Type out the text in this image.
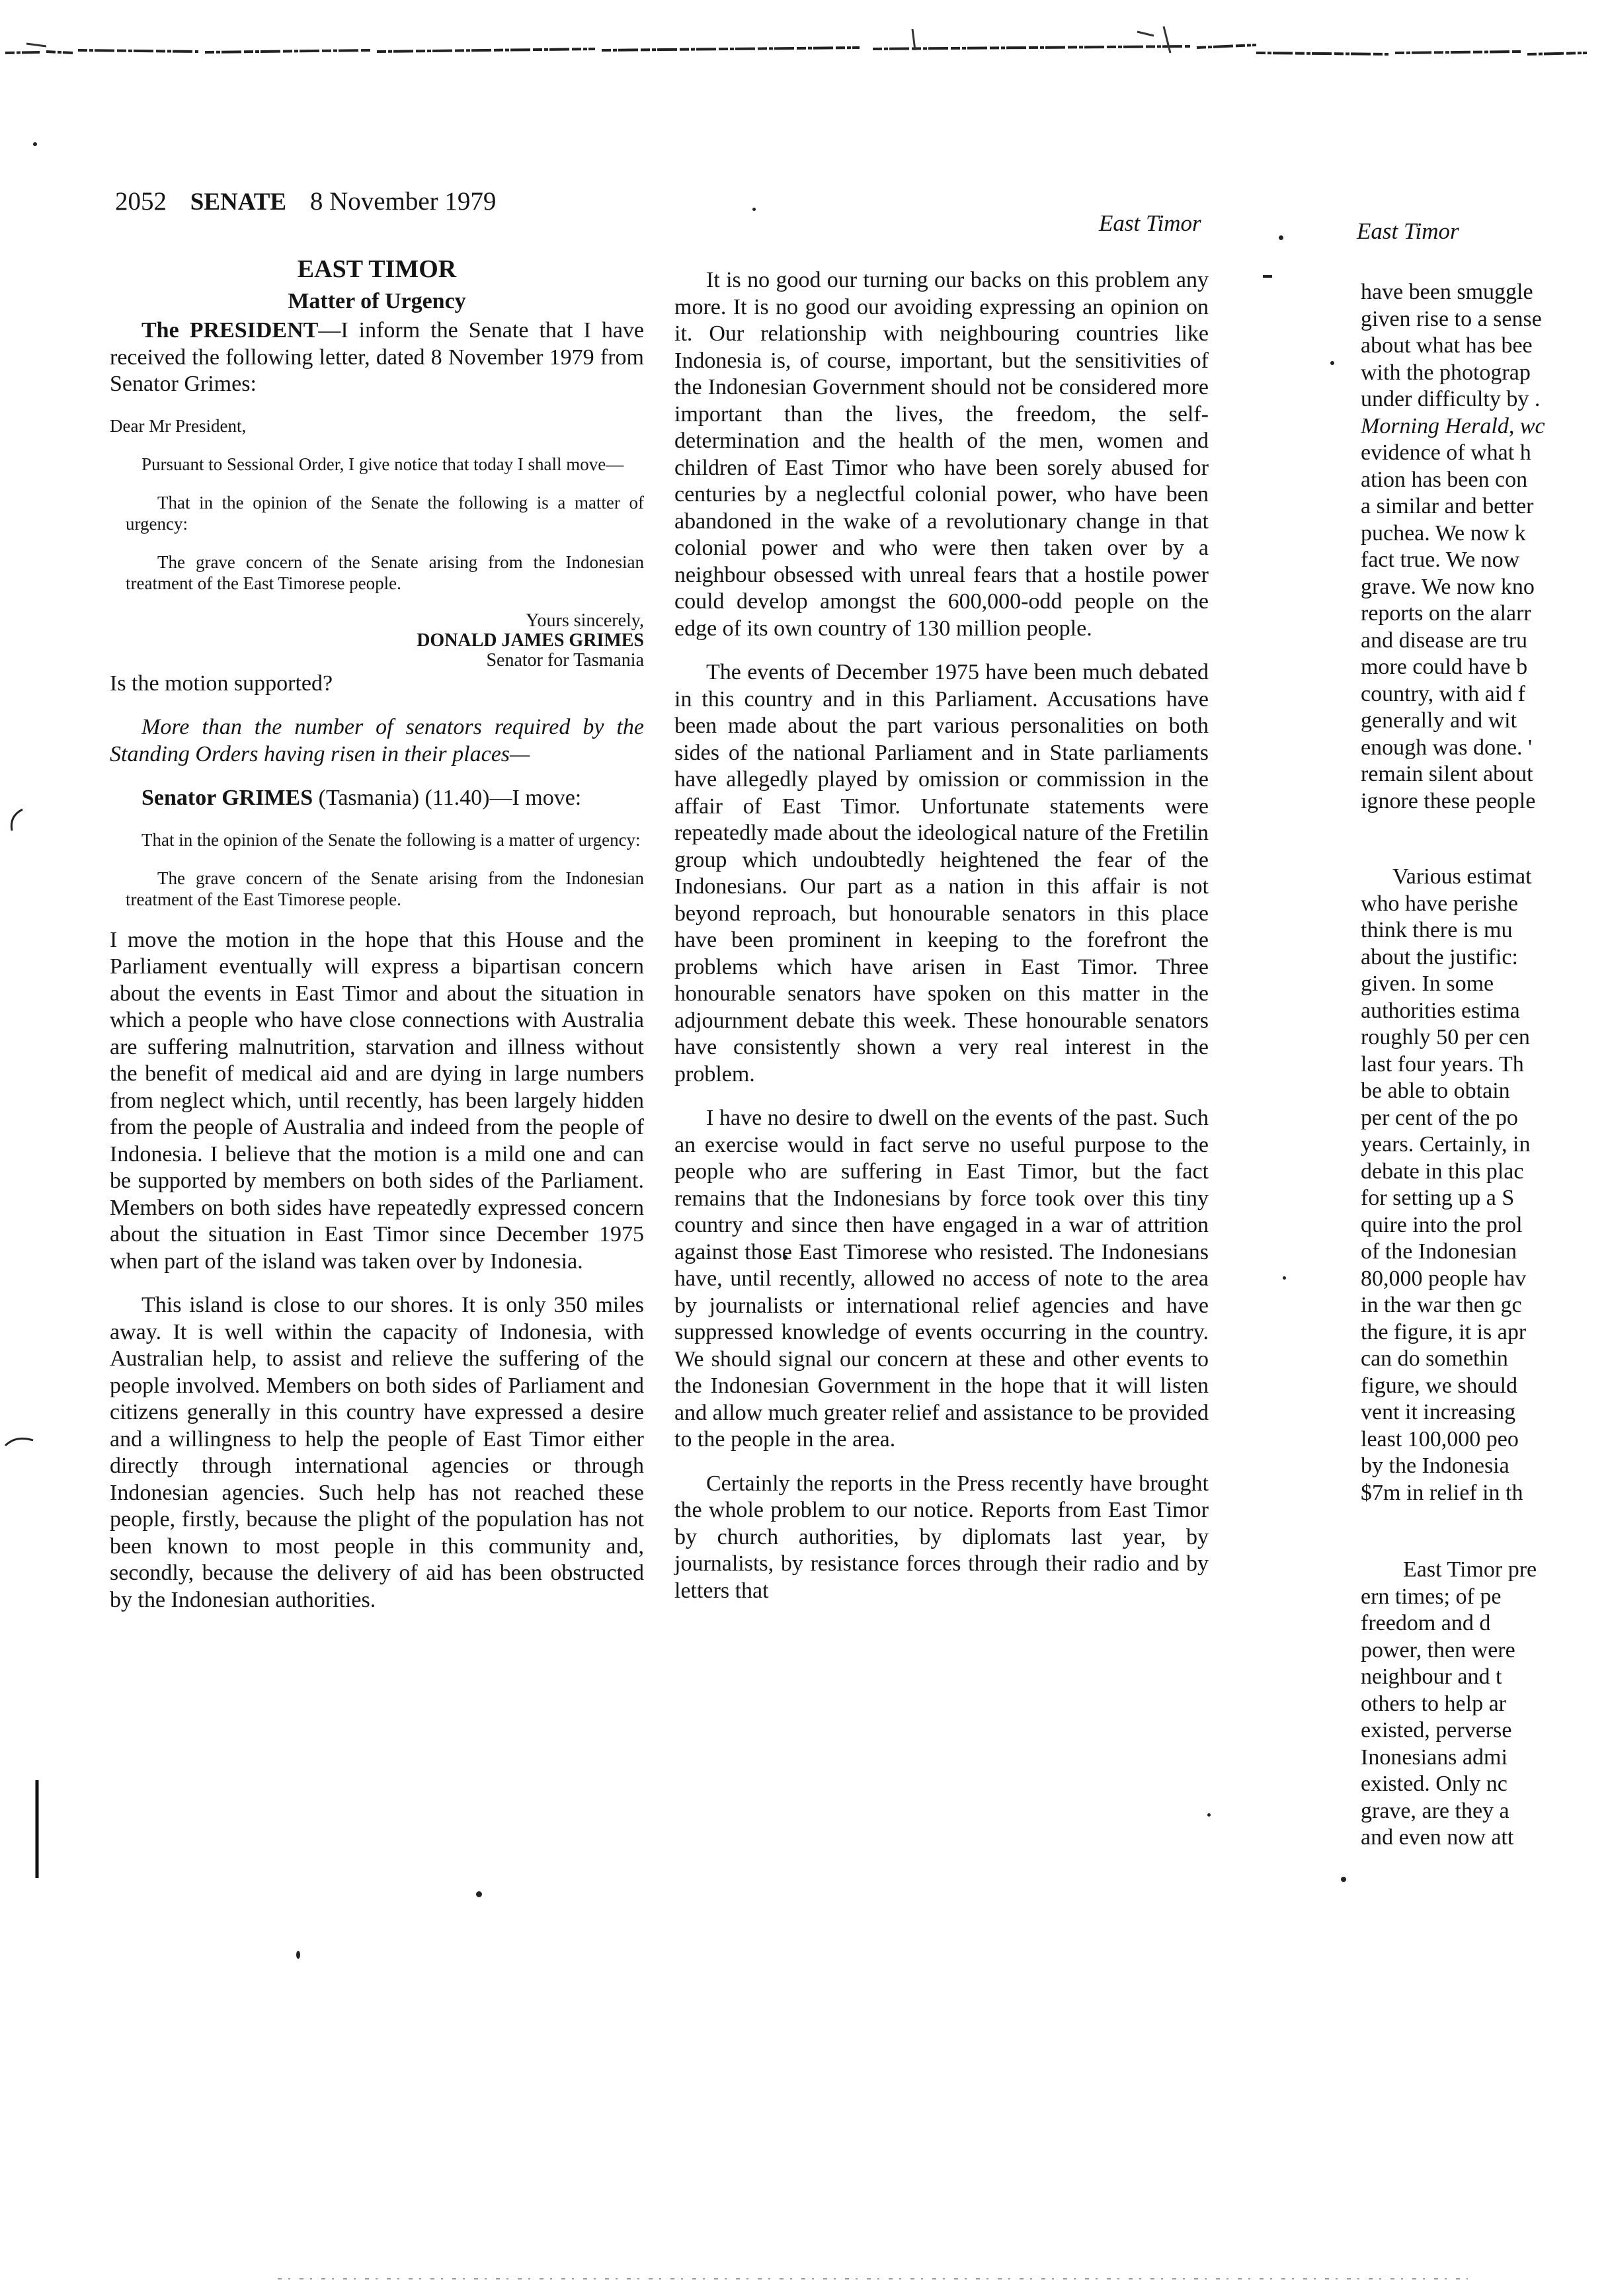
2052 SENATE 8 November 1979
East Timor	East Timor

EAST TIMOR

Matter of Urgency

The PRESIDENT—I inform the Senate that I have received the following letter, dated 8 November 1979 from Senator Grimes:

Dear Mr President,

Pursuant to Sessional Order, I give notice that today I shall move—

That in the opinion of the Senate the following is a matter of urgency:

The grave concern of the Senate arising from the Indonesian treatment of the East Timorese people.

Yours sincerely,

DONALD JAMES GRIMES

Senator for Tasmania

Is the motion supported?

More than the number of senators required by the Standing Orders having risen in their places—

Senator GRIMES (Tasmania) (11.40)—I move:

That in the opinion of the Senate the following is a matter of urgency:

The grave concern of the Senate arising from the Indonesian treatment of the East Timorese people.

I move the motion in the hope that this House and the Parliament eventually will express a bipartisan concern about the events in East Timor and about the situation in which a people who have close connections with Australia are suffering malnutrition, starvation and illness without the benefit of medical aid and are dying in large numbers from neglect which, until recently, has been largely hidden from the people of Australia and indeed from the people of Indonesia. I believe that the motion is a mild one and can be supported by members on both sides of the Parliament. Members on both sides have repeatedly expressed concern about the situation in East Timor since December 1975 when part of the island was taken over by Indonesia.

This island is close to our shores. It is only 350 miles away. It is well within the capacity of Indonesia, with Australian help, to assist and relieve the suffering of the people involved. Members on both sides of Parliament and citizens generally in this country have expressed a desire and a willingness to help the people of East Timor either directly through international agencies or through Indonesian agencies. Such help has not reached these people, firstly, because the plight of the population has not been known to most people in this community and, secondly, because the delivery of aid has been obstructed by the Indonesian authorities.

It is no good our turning our backs on this problem any more. It is no good our avoiding expressing an opinion on it. Our relationship with neighbouring countries like Indonesia is, of course, important, but the sensitivities of the Indonesian Government should not be considered more important than the lives, the freedom, the self-determination and the health of the men, women and children of East Timor who have been sorely abused for centuries by a neglectful colonial power, who have been abandoned in the wake of a revolutionary change in that colonial power and who were then taken over by a neighbour obsessed with unreal fears that a hostile power could develop amongst the 600,000-odd people on the edge of its own country of 130 million people.

The events of December 1975 have been much debated in this country and in this Parliament. Accusations have been made about the part various personalities on both sides of the national Parliament and in State parliaments have allegedly played by omission or commission in the affair of East Timor. Unfortunate statements were repeatedly made about the ideological nature of the Fretilin group which undoubtedly heightened the fear of the Indonesians. Our part as a nation in this affair is not beyond reproach, but honourable senators in this place have been prominent in keeping to the forefront the problems which have arisen in East Timor. Three honourable senators have spoken on this matter in the adjournment debate this week. These honourable senators have consistently shown a very real interest in the problem.

I have no desire to dwell on the events of the past. Such an exercise would in fact serve no useful purpose to the people who are suffering in East Timor, but the fact remains that the Indonesians by force took over this tiny country and since then have engaged in a war of attrition against those East Timorese who resisted. The Indonesians have, until recently, allowed no access of note to the area by journalists or international relief agencies and have suppressed knowledge of events occurring in the country. We should signal our concern at these and other events to the Indonesian Government in the hope that it will listen and allow much greater relief and assistance to be provided to the people in the area.

Certainly the reports in the Press recently have brought the whole problem to our notice. Reports from East Timor by church authorities, by diplomats last year, by journalists, by resistance forces through their radio and by letters that

have been smuggle
given rise to a sense
about what has bee
with the photograp
under difficulty by .
Morning Herald, wc
evidence of what h
ation has been con
a similar and better
puchea. We now k
fact true. We now
grave. We now kno
reports on the alarr
and disease are tru
more could have b
country, with aid f
generally and wit
enough was done. '
remain silent about
ignore these people
Various estimat
who have perishe
think there is mu
about the justific:
given. In some
authorities estima
roughly 50 per cen
last four years. Th
be able to obtain
per cent of the po
years. Certainly, in
debate in this plac
for setting up a S
quire into the prol
of the Indonesian
80,000 people hav
in the war then gc
the figure, it is apr
can do somethin
figure, we should
vent it increasing
least 100,000 peo
by the Indonesia
$7m in relief in th
East Timor pre
ern times; of pe
freedom and d
power, then were
neighbour and t
others to help ar
existed, perverse
Inonesians admi
existed. Only nc
grave, are they a
and even now att
